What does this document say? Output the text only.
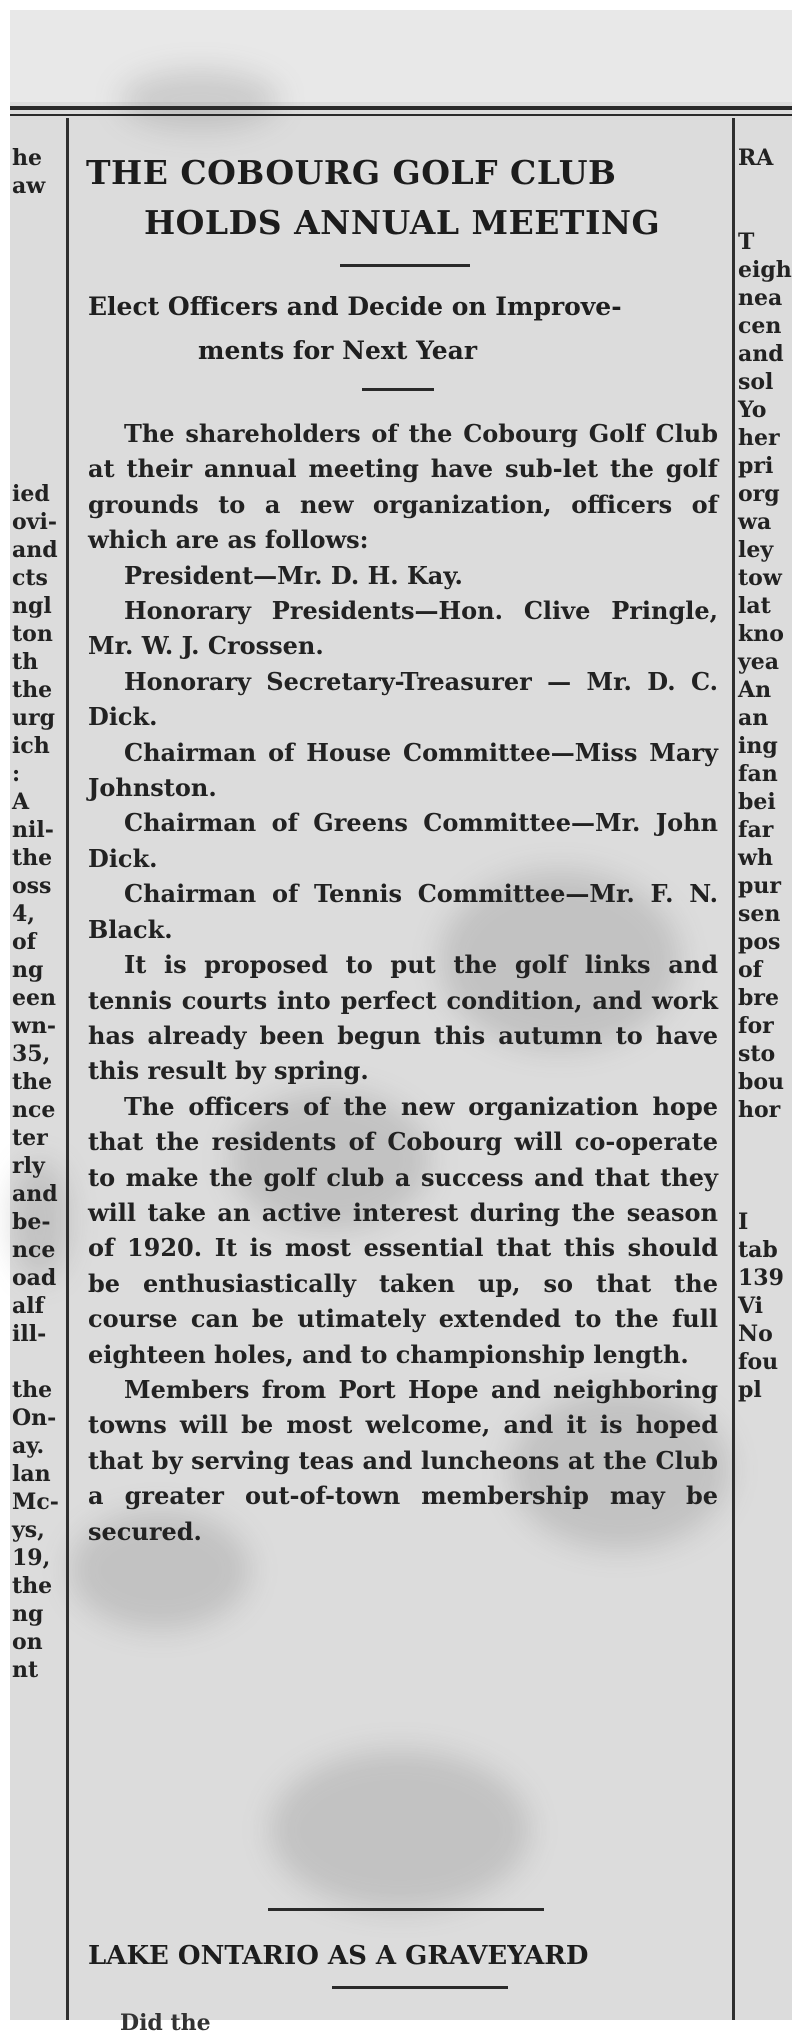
he
aw
ied
ovi-
and
cts
ngl
ton
th
the
urg
ich
:
A
nil-
the
oss
4,
of
ng
een
wn-
35,
the
nce
ter
rly
and
be-
nce
oad
alf
ill-
the
On-
ay.
lan
Mc-
ys,
19,
the
ng
on
nt
RA
T
eigh
nea
cen
and
sol
Yo
her
pri
org
wa
ley
tow
lat
kno
yea
An
an
ing
fan
bei
far
wh
pur
sen
pos
of
bre
for
sto
bou
hor
I
tab
139
Vi
No
fou
pl
THE COBOURG GOLF CLUB
HOLDS ANNUAL MEETING
Elect Officers and Decide on Improve-
ments for Next Year

The shareholders of the Cobourg Golf Club at their annual meeting have sub-let the golf grounds to a new organization, officers of which are as follows:

President—Mr. D. H. Kay.

Honorary Presidents—Hon. Clive Pringle, Mr. W. J. Crossen.

Honorary Secretary-Treasurer — Mr. D. C. Dick.

Chairman of House Committee—Miss Mary Johnston.

Chairman of Greens Committee—Mr. John Dick.

Chairman of Tennis Committee—Mr. F. N. Black.

It is proposed to put the golf links and tennis courts into perfect condition, and work has already been begun this autumn to have this result by spring.

The officers of the new organization hope that the residents of Cobourg will co-operate to make the golf club a success and that they will take an active interest during the season of 1920. It is most essential that this should be enthusiastically taken up, so that the course can be utimately extended to the full eighteen holes, and to championship length.

Members from Port Hope and neighboring towns will be most welcome, and it is hoped that by serving teas and luncheons at the Club a greater out-of-town membership may be secured.

LAKE ONTARIO AS A GRAVEYARD
Did the
